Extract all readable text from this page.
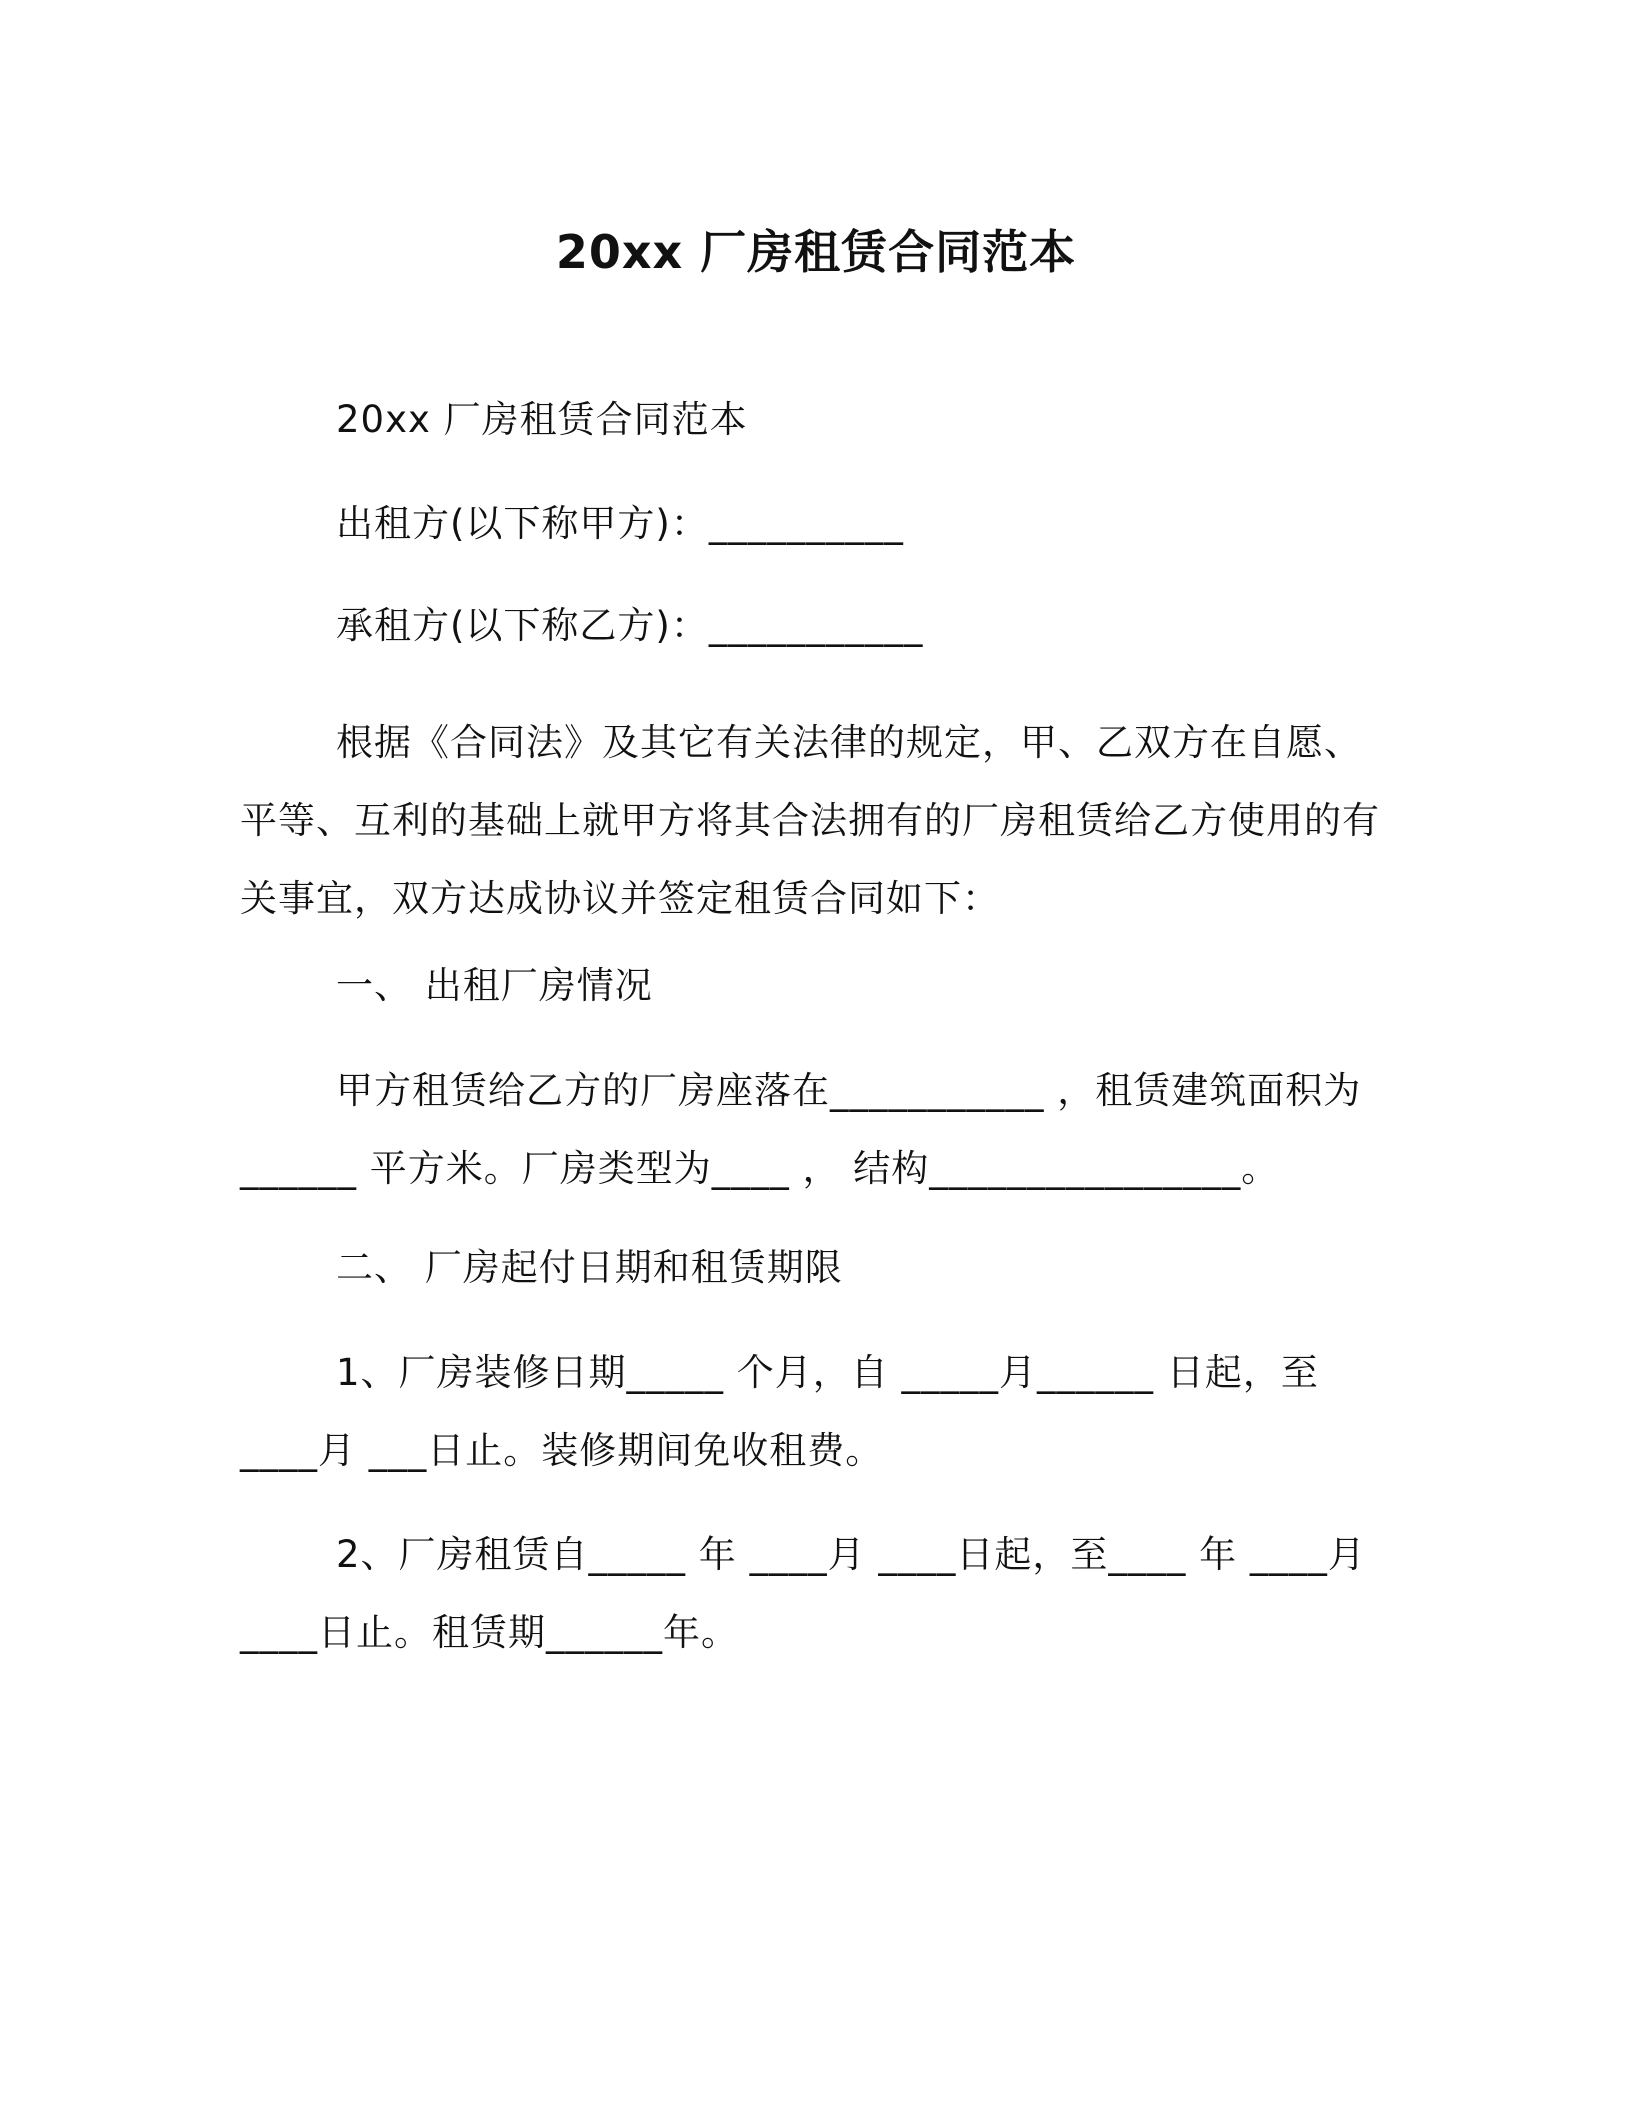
20xx 厂房租赁合同范本
20xx 厂房租赁合同范本
出租方(以下称甲方)：__________
承租方(以下称乙方)：___________
根据《合同法》及其它有关法律的规定，甲、乙双方在自愿、平等、互利的基础上就甲方将其合法拥有的厂房租赁给乙方使用的有关事宜，双方达成协议并签定租赁合同如下：
一、 出租厂房情况
甲方租赁给乙方的厂房座落在___________ ，租赁建筑面积为______ 平方米。厂房类型为____ ， 结构________________。
二、 厂房起付日期和租赁期限
1、厂房装修日期_____ 个月，自 _____月______ 日起，至____月 ___日止。装修期间免收租费。
2、厂房租赁自_____ 年 ____月 ____日起，至____ 年 ____月____日止。租赁期______年。
